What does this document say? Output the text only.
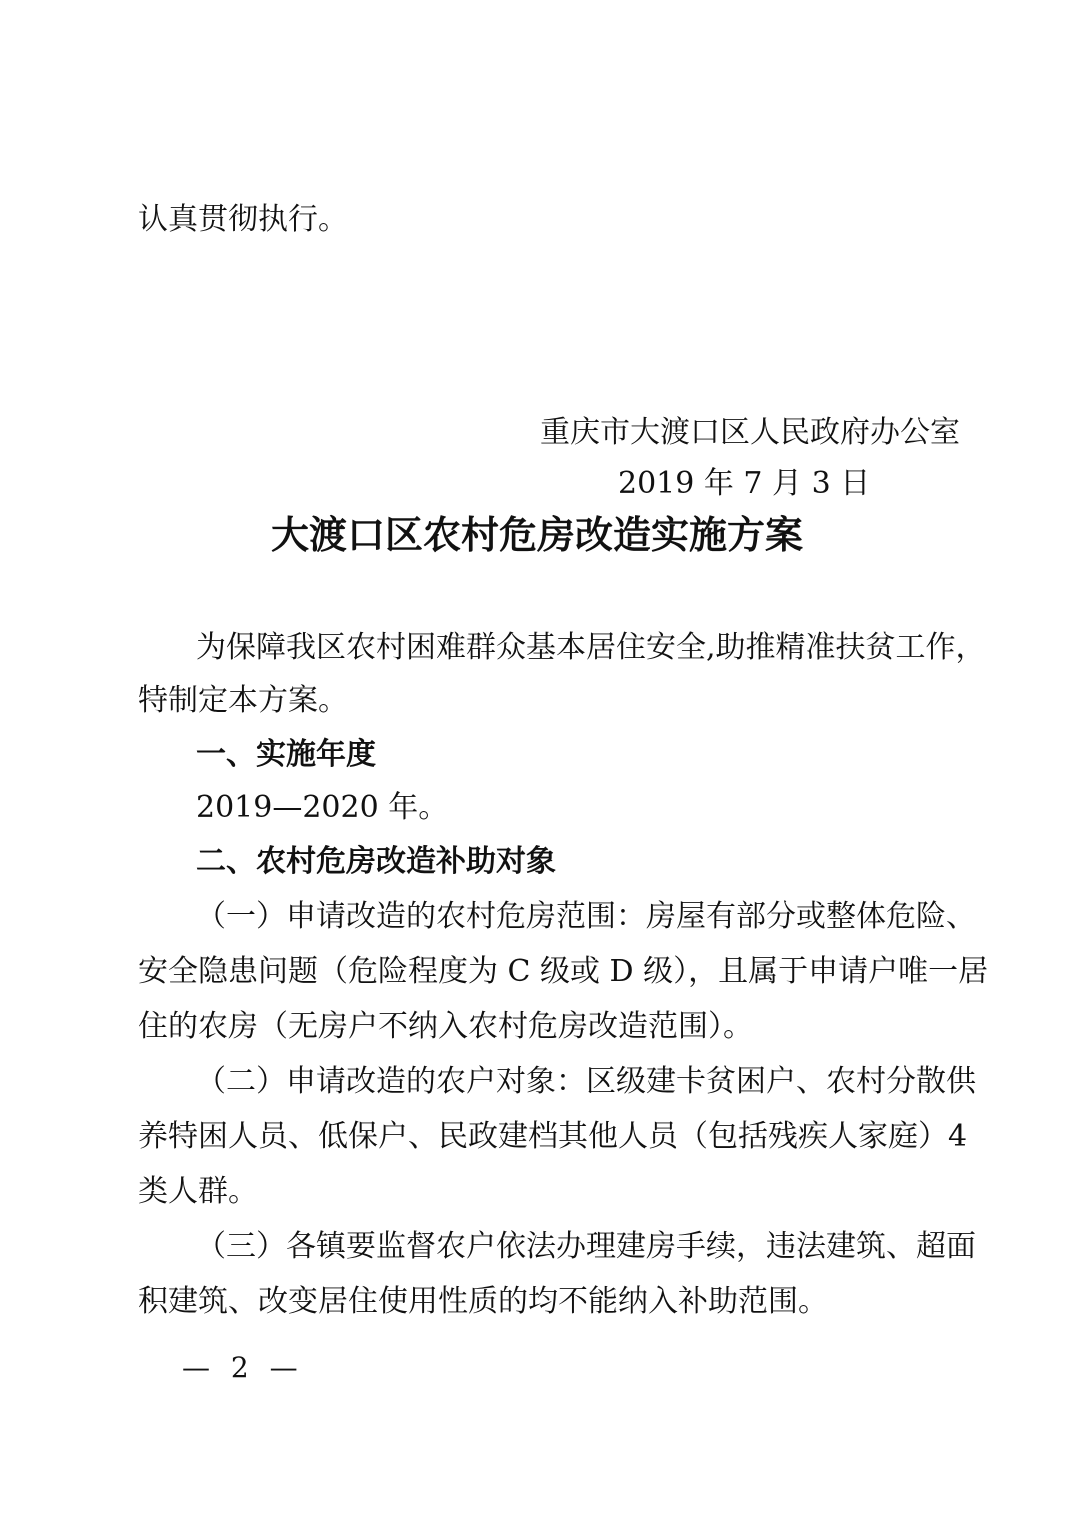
认真贯彻执行。
重庆市大渡口区人民政府办公室
2019 年 7 月 3 日
大渡口区农村危房改造实施方案
为保障我区农村困难群众基本居住安全,助推精准扶贫工作，
特制定本方案。
一、实施年度
2019—2020 年。
二、农村危房改造补助对象
（一）申请改造的农村危房范围：房屋有部分或整体危险、
安全隐患问题（危险程度为 C 级或 D 级），且属于申请户唯一居
住的农房（无房户不纳入农村危房改造范围）。
（二）申请改造的农户对象：区级建卡贫困户、农村分散供
养特困人员、低保户、民政建档其他人员（包括残疾人家庭）4
类人群。
（三）各镇要监督农户依法办理建房手续，违法建筑、超面
积建筑、改变居住使用性质的均不能纳入补助范围。
— 2 —
